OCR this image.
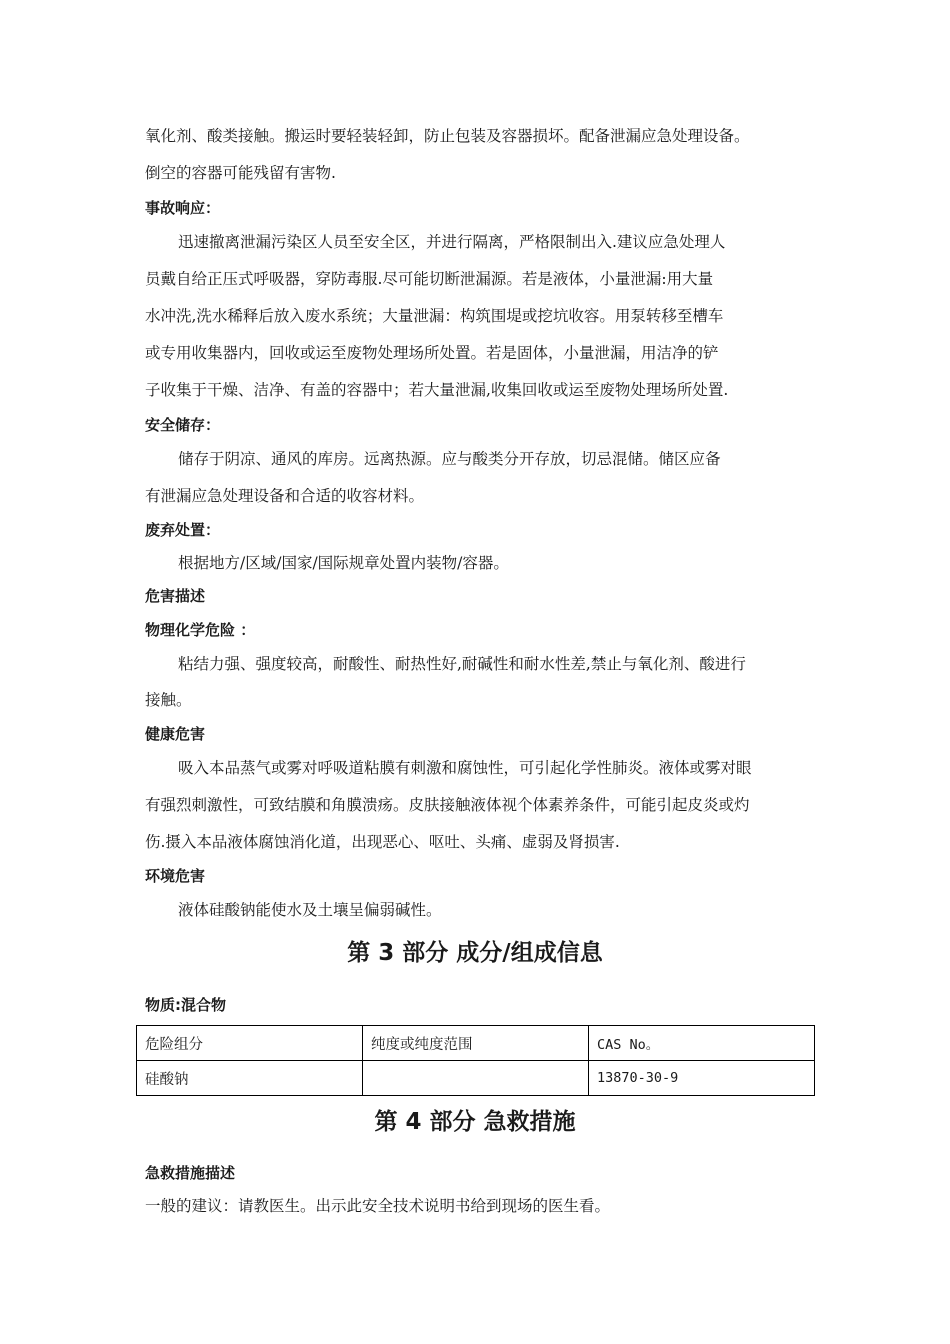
氧化剂、酸类接触。搬运时要轻装轻卸，防止包装及容器损坏。配备泄漏应急处理设备。
倒空的容器可能残留有害物.
事故响应：
迅速撤离泄漏污染区人员至安全区，并进行隔离，严格限制出入.建议应急处理人
员戴自给正压式呼吸器，穿防毒服.尽可能切断泄漏源。若是液体，小量泄漏:用大量
水冲洗,洗水稀释后放入废水系统；大量泄漏：构筑围堤或挖坑收容。用泵转移至槽车
或专用收集器内，回收或运至废物处理场所处置。若是固体，小量泄漏，用洁净的铲
子收集于干燥、洁净、有盖的容器中；若大量泄漏,收集回收或运至废物处理场所处置.
安全储存：
储存于阴凉、通风的库房。远离热源。应与酸类分开存放，切忌混储。储区应备
有泄漏应急处理设备和合适的收容材料。
废弃处置：
根据地方/区域/国家/国际规章处置内装物/容器。
危害描述
物理化学危险 ：
粘结力强、强度较高，耐酸性、耐热性好,耐碱性和耐水性差,禁止与氧化剂、酸进行
接触。
健康危害
吸入本品蒸气或雾对呼吸道粘膜有刺激和腐蚀性，可引起化学性肺炎。液体或雾对眼
有强烈刺激性，可致结膜和角膜溃疡。皮肤接触液体视个体素养条件，可能引起皮炎或灼
伤.摄入本品液体腐蚀消化道，出现恶心、呕吐、头痛、虚弱及肾损害.
环境危害
液体硅酸钠能使水及土壤呈偏弱碱性。
第 3 部分 成分/组成信息
物质:混合物
危险组分	纯度或纯度范围	CAS No。
硅酸钠		13870-30-9
第 4 部分 急救措施
急救措施描述
一般的建议：请教医生。出示此安全技术说明书给到现场的医生看。
